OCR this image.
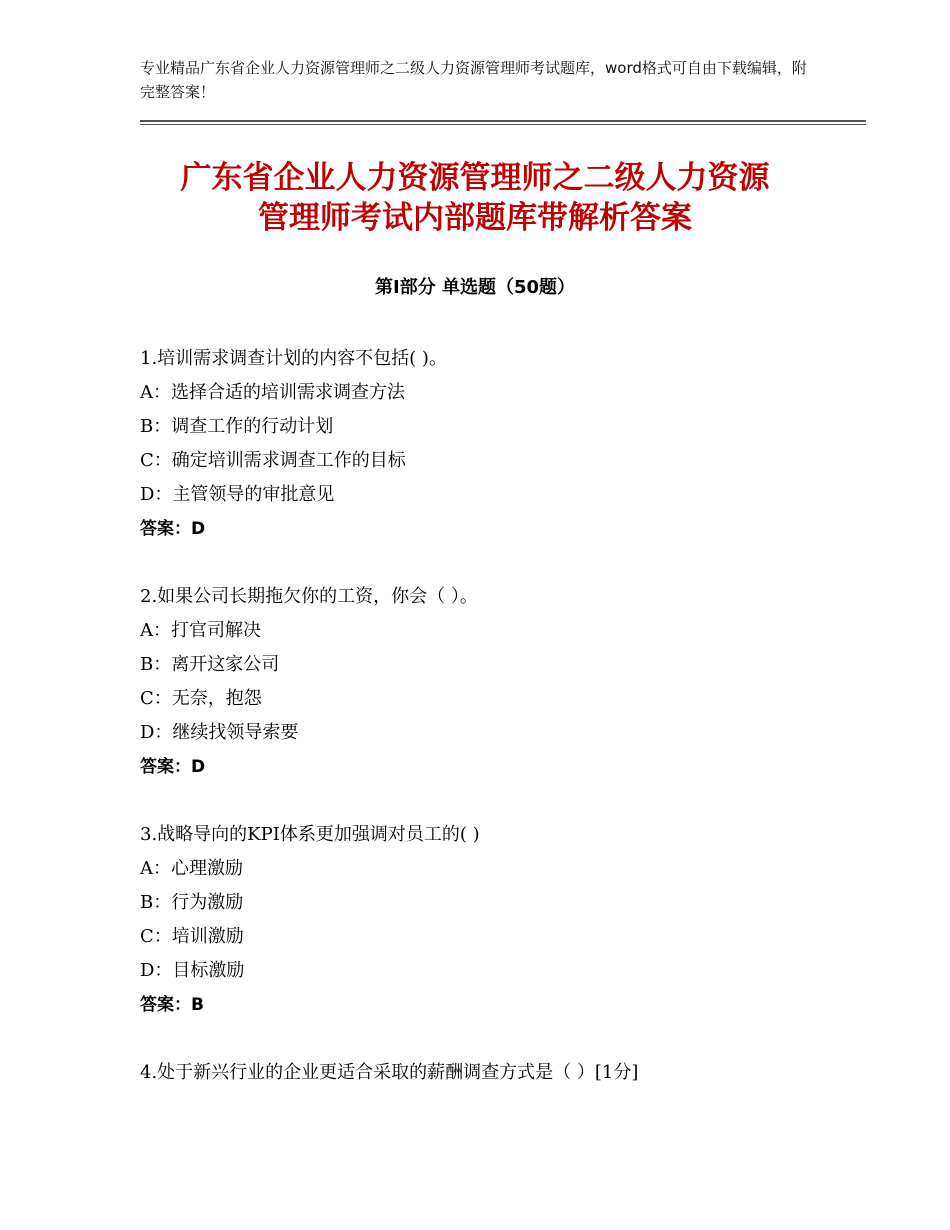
专业精品广东省企业人力资源管理师之二级人力资源管理师考试题库，word格式可自由下载编辑，附完整答案！
广东省企业人力资源管理师之二级人力资源
管理师考试内部题库带解析答案
第Ⅰ部分 单选题（50题）
1.培训需求调查计划的内容不包括( )。
A：选择合适的培训需求调查方法
B：调查工作的行动计划
C：确定培训需求调查工作的目标
D：主管领导的审批意见
答案：D
2.如果公司长期拖欠你的工资，你会（ ）。
A：打官司解决
B：离开这家公司
C：无奈，抱怨
D：继续找领导索要
答案：D
3.战略导向的KPI体系更加强调对员工的( )
A：心理激励
B：行为激励
C：培训激励
D：目标激励
答案：B
4.处于新兴行业的企业更适合采取的薪酬调查方式是（ ）[1分]
